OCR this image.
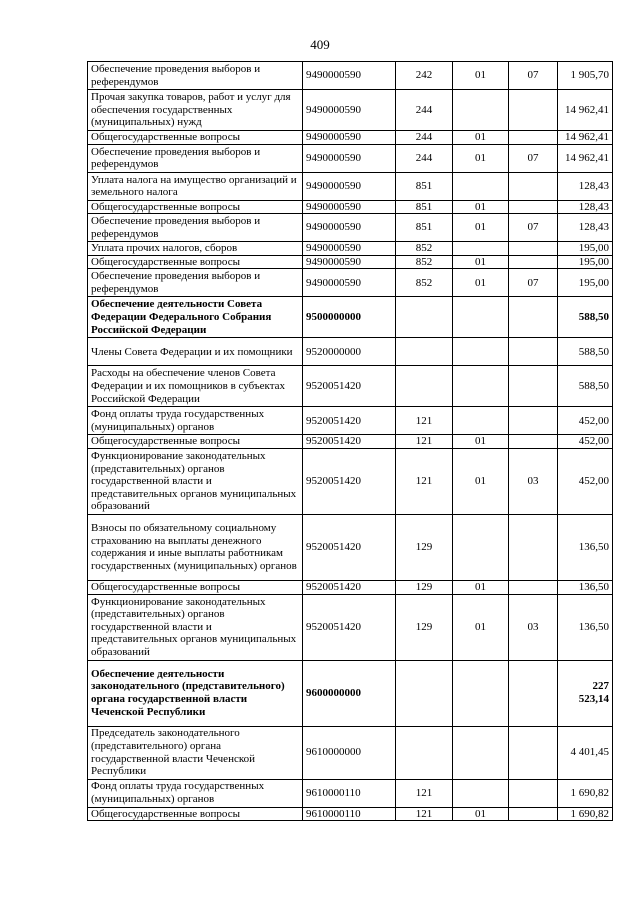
409
Обеспечение проведения выборов и референдумов	9490000590	242	01	07	1 905,70
Прочая закупка товаров, работ и услуг для обеспечения государственных (муниципальных) нужд	9490000590	244			14 962,41
Общегосударственные вопросы	9490000590	244	01		14 962,41
Обеспечение проведения выборов и референдумов	9490000590	244	01	07	14 962,41
Уплата налога на имущество организаций и земельного налога	9490000590	851			128,43
Общегосударственные вопросы	9490000590	851	01		128,43
Обеспечение проведения выборов и референдумов	9490000590	851	01	07	128,43
Уплата прочих налогов, сборов	9490000590	852			195,00
Общегосударственные вопросы	9490000590	852	01		195,00
Обеспечение проведения выборов и референдумов	9490000590	852	01	07	195,00
Обеспечение деятельности Совета Федерации Федерального Собрания Российской Федерации	9500000000				588,50
Члены Совета Федерации и их помощники	9520000000				588,50
Расходы на обеспечение членов Совета Федерации и их помощников в субъектах Российской Федерации	9520051420				588,50
Фонд оплаты труда государственных (муниципальных) органов	9520051420	121			452,00
Общегосударственные вопросы	9520051420	121	01		452,00
Функционирование законодательных (представительных) органов государственной власти и представительных органов муниципальных образований	9520051420	121	01	03	452,00
Взносы по обязательному социальному страхованию на выплаты денежного содержания и иные выплаты работникам государственных (муниципальных) органов	9520051420	129			136,50
Общегосударственные вопросы	9520051420	129	01		136,50
Функционирование законодательных (представительных) органов государственной власти и представительных органов муниципальных образований	9520051420	129	01	03	136,50
Обеспечение деятельности законодательного (представительного) органа государственной власти Чеченской Республики	9600000000				227 523,14
Председатель законодательного (представительного) органа государственной власти Чеченской Республики	9610000000				4 401,45
Фонд оплаты труда государственных (муниципальных) органов	9610000110	121			1 690,82
Общегосударственные вопросы	9610000110	121	01		1 690,82
